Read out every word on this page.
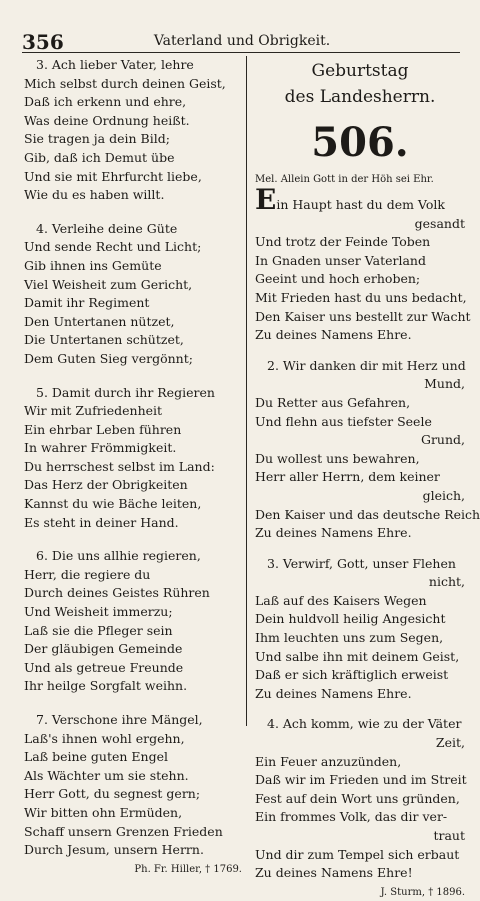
356	Vaterland und Obrigkeit.
3. Ach lieber Vater, lehre
Mich selbst durch deinen Geist,
Daß ich erkenn und ehre,
Was deine Ordnung heißt.
Sie tragen ja dein Bild;
Gib, daß ich Demut übe
Und sie mit Ehrfurcht liebe,
Wie du es haben willt.
4. Verleihe deine Güte
Und sende Recht und Licht;
Gib ihnen ins Gemüte
Viel Weisheit zum Gericht,
Damit ihr Regiment
Den Untertanen nützet,
Die Untertanen schützet,
Dem Guten Sieg vergönnt;
5. Damit durch ihr Regieren
Wir mit Zufriedenheit
Ein ehrbar Leben führen
In wahrer Frömmigkeit.
Du herrschest selbst im Land:
Das Herz der Obrigkeiten
Kannst du wie Bäche leiten,
Es steht in deiner Hand.
6. Die uns allhie regieren,
Herr, die regiere du
Durch deines Geistes Rühren
Und Weisheit immerzu;
Laß sie die Pfleger sein
Der gläubigen Gemeinde
Und als getreue Freunde
Ihr heilge Sorgfalt weihn.
7. Verschone ihre Mängel,
Laß's ihnen wohl ergehn,
Laß beine guten Engel
Als Wächter um sie stehn.
Herr Gott, du segnest gern;
Wir bitten ohn Ermüden,
Schaff unsern Grenzen Frieden
Durch Jesum, unsern Herrn.
Ph. Fr. Hiller, † 1769.
Geburtstag
des Landesherrn.
506.
Mel. Allein Gott in der Höh sei Ehr.
Ein Haupt hast du dem Volk
gesandt
Und trotz der Feinde Toben
In Gnaden unser Vaterland
Geeint und hoch erhoben;
Mit Frieden hast du uns bedacht,
Den Kaiser uns bestellt zur Wacht
Zu deines Namens Ehre.
2. Wir danken dir mit Herz und
Mund,
Du Retter aus Gefahren,
Und flehn aus tiefster Seele
Grund,
Du wollest uns bewahren,
Herr aller Herrn, dem keiner
gleich,
Den Kaiser und das deutsche Reich
Zu deines Namens Ehre.
3. Verwirf, Gott, unser Flehen
nicht,
Laß auf des Kaisers Wegen
Dein huldvoll heilig Angesicht
Ihm leuchten uns zum Segen,
Und salbe ihn mit deinem Geist,
Daß er sich kräftiglich erweist
Zu deines Namens Ehre.
4. Ach komm, wie zu der Väter
Zeit,
Ein Feuer anzuzünden,
Daß wir im Frieden und im Streit
Fest auf dein Wort uns gründen,
Ein frommes Volk, das dir ver-
traut
Und dir zum Tempel sich erbaut
Zu deines Namens Ehre!
J. Sturm, † 1896.
